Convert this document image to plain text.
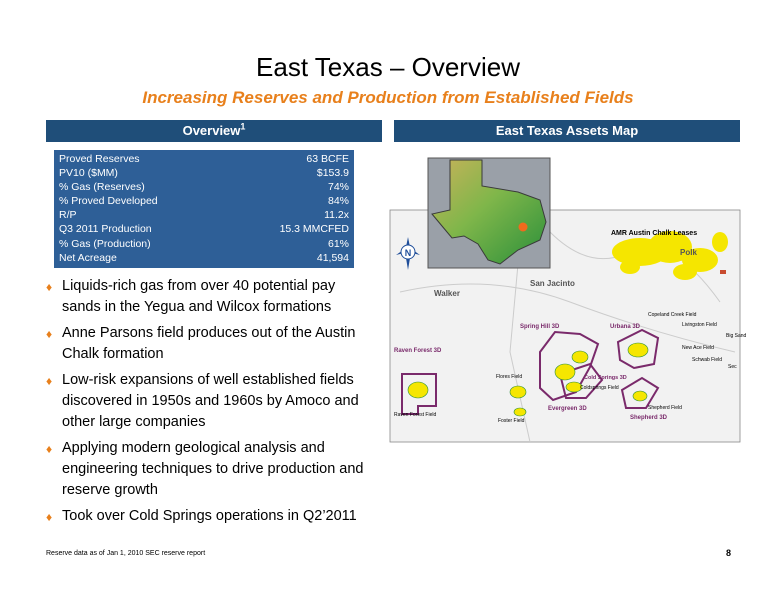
East Texas – Overview
Increasing Reserves and Production from Established Fields
Overview$^1$	East Texas Assets Map
Proved Reserves	63 BCFE
PV10 ($MM)	$153.9
% Gas (Reserves)	74%
% Proved Developed	84%
R/P	11.2x
Q3 2011 Production	15.3 MMCFED
% Gas (Production)	61%
Net Acreage	41,594
♦ Liquids-rich gas from over 40 potential pay sands in the Yegua and Wilcox formations
♦ Anne Parsons field produces out of the Austin Chalk formation
♦ Low-risk expansions of well established fields discovered in 1950s and 1960s by Amoco and other large companies
♦ Applying modern geological analysis and engineering techniques to drive production and reserve growth
♦ Took over Cold Springs operations in Q2’2011
N
AMR Austin Chalk Leases
Polk
San Jacinto
Walker
Copeland Creek Field
Livingston Field
Big Sand
New Ace Field
Schwab Field
Sec
Spring Hill 3D	Urbana 3D
Raven Forest 3D
Raven Forest Field
Flores Field	Cold Springs 3D
Coldsprings Field
Evergreen 3D
Foster Field
Shepherd Field
Shepherd 3D
Reserve data as of Jan 1, 2010 SEC reserve report	8
